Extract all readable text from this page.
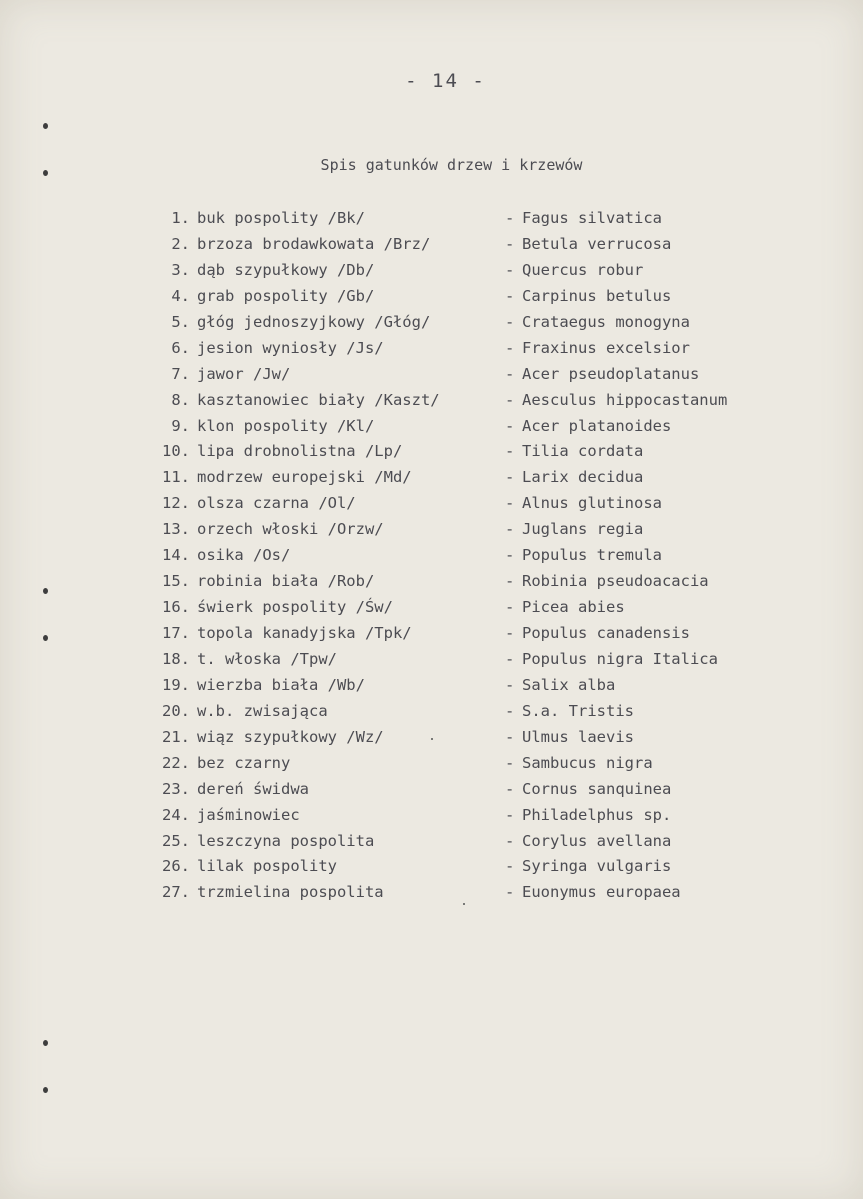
- 14 -
Spis gatunków drzew i krzewów
1. buk pospolity /Bk/	- Fagus silvatica
2. brzoza brodawkowata /Brz/	- Betula verrucosa
3. dąb szypułkowy /Db/	- Quercus robur
4. grab pospolity /Gb/	- Carpinus betulus
5. głóg jednoszyjkowy /Głóg/	- Crataegus monogyna
6. jesion wyniosły /Js/	- Fraxinus excelsior
7. jawor /Jw/	- Acer pseudoplatanus
8. kasztanowiec biały /Kaszt/	- Aesculus hippocastanum
9. klon pospolity /Kl/	- Acer platanoides
10. lipa drobnolistna /Lp/	- Tilia cordata
11. modrzew europejski /Md/	- Larix decidua
12. olsza czarna /Ol/	- Alnus glutinosa
13. orzech włoski /Orzw/	- Juglans regia
14. osika /Os/	- Populus tremula
15. robinia biała /Rob/	- Robinia pseudoacacia
16. świerk pospolity /Św/	- Picea abies
17. topola kanadyjska /Tpk/	- Populus canadensis
18. t. włoska /Tpw/	- Populus nigra Italica
19. wierzba biała /Wb/	- Salix alba
20. w.b. zwisająca	- S.a. Tristis
21. wiąz szypułkowy /Wz/	- Ulmus laevis
22. bez czarny	- Sambucus nigra
23. dereń świdwa	- Cornus sanquinea
24. jaśminowiec	- Philadelphus sp.
25. leszczyna pospolita	- Corylus avellana
26. lilak pospolity	- Syringa vulgaris
27. trzmielina pospolita	- Euonymus europaea
